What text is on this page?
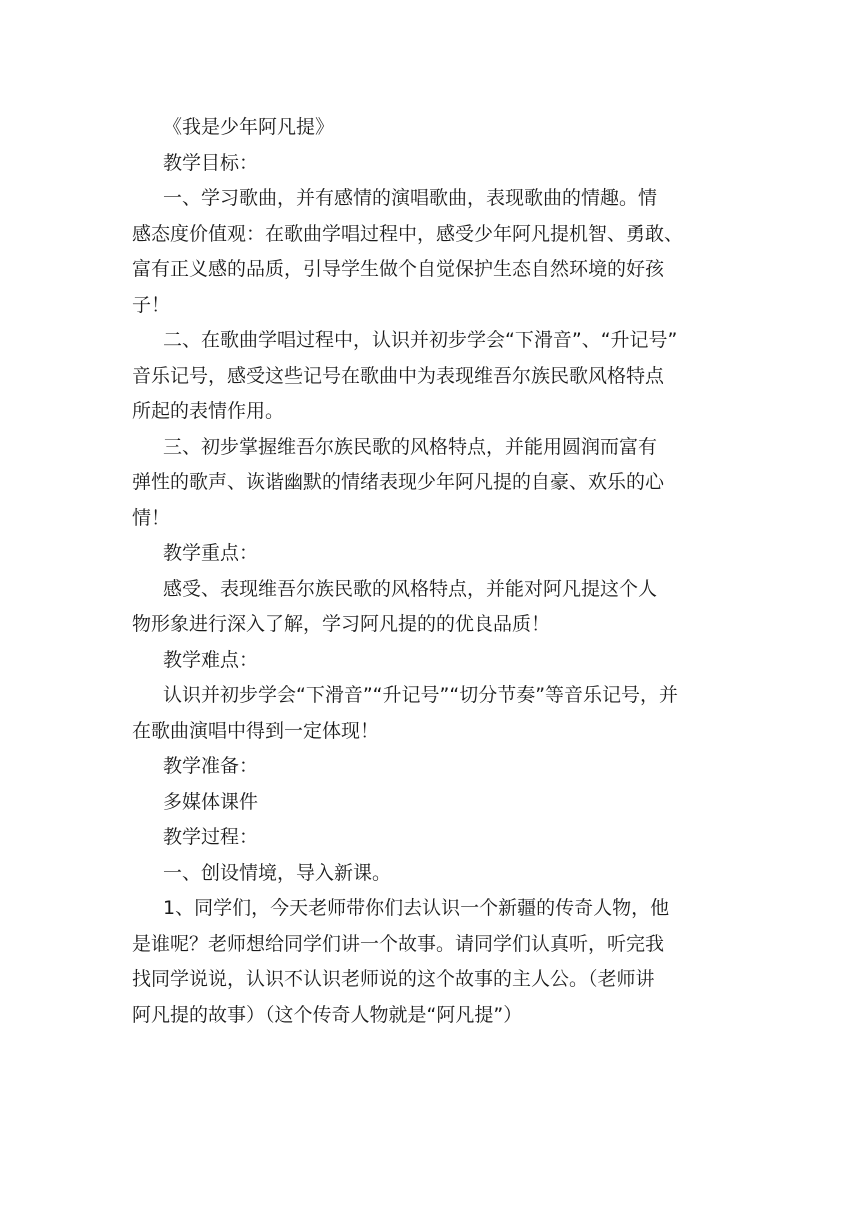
《我是少年阿凡提》
教学目标：
一、学习歌曲，并有感情的演唱歌曲，表现歌曲的情趣。情
感态度价值观：在歌曲学唱过程中，感受少年阿凡提机智、勇敢、
富有正义感的品质，引导学生做个自觉保护生态自然环境的好孩
子！
二、在歌曲学唱过程中，认识并初步学会“下滑音”、“升记号”
音乐记号，感受这些记号在歌曲中为表现维吾尔族民歌风格特点
所起的表情作用。
三、初步掌握维吾尔族民歌的风格特点，并能用圆润而富有
弹性的歌声、诙谐幽默的情绪表现少年阿凡提的自豪、欢乐的心
情！
教学重点：
感受、表现维吾尔族民歌的风格特点，并能对阿凡提这个人
物形象进行深入了解，学习阿凡提的的优良品质！
教学难点：
认识并初步学会“下滑音”“升记号”“切分节奏”等音乐记号，并
在歌曲演唱中得到一定体现！
教学准备：
多媒体课件
教学过程：
一、创设情境，导入新课。
1、同学们，今天老师带你们去认识一个新疆的传奇人物，他
是谁呢？老师想给同学们讲一个故事。请同学们认真听，听完我
找同学说说，认识不认识老师说的这个故事的主人公。（老师讲
阿凡提的故事）（这个传奇人物就是“阿凡提”）
